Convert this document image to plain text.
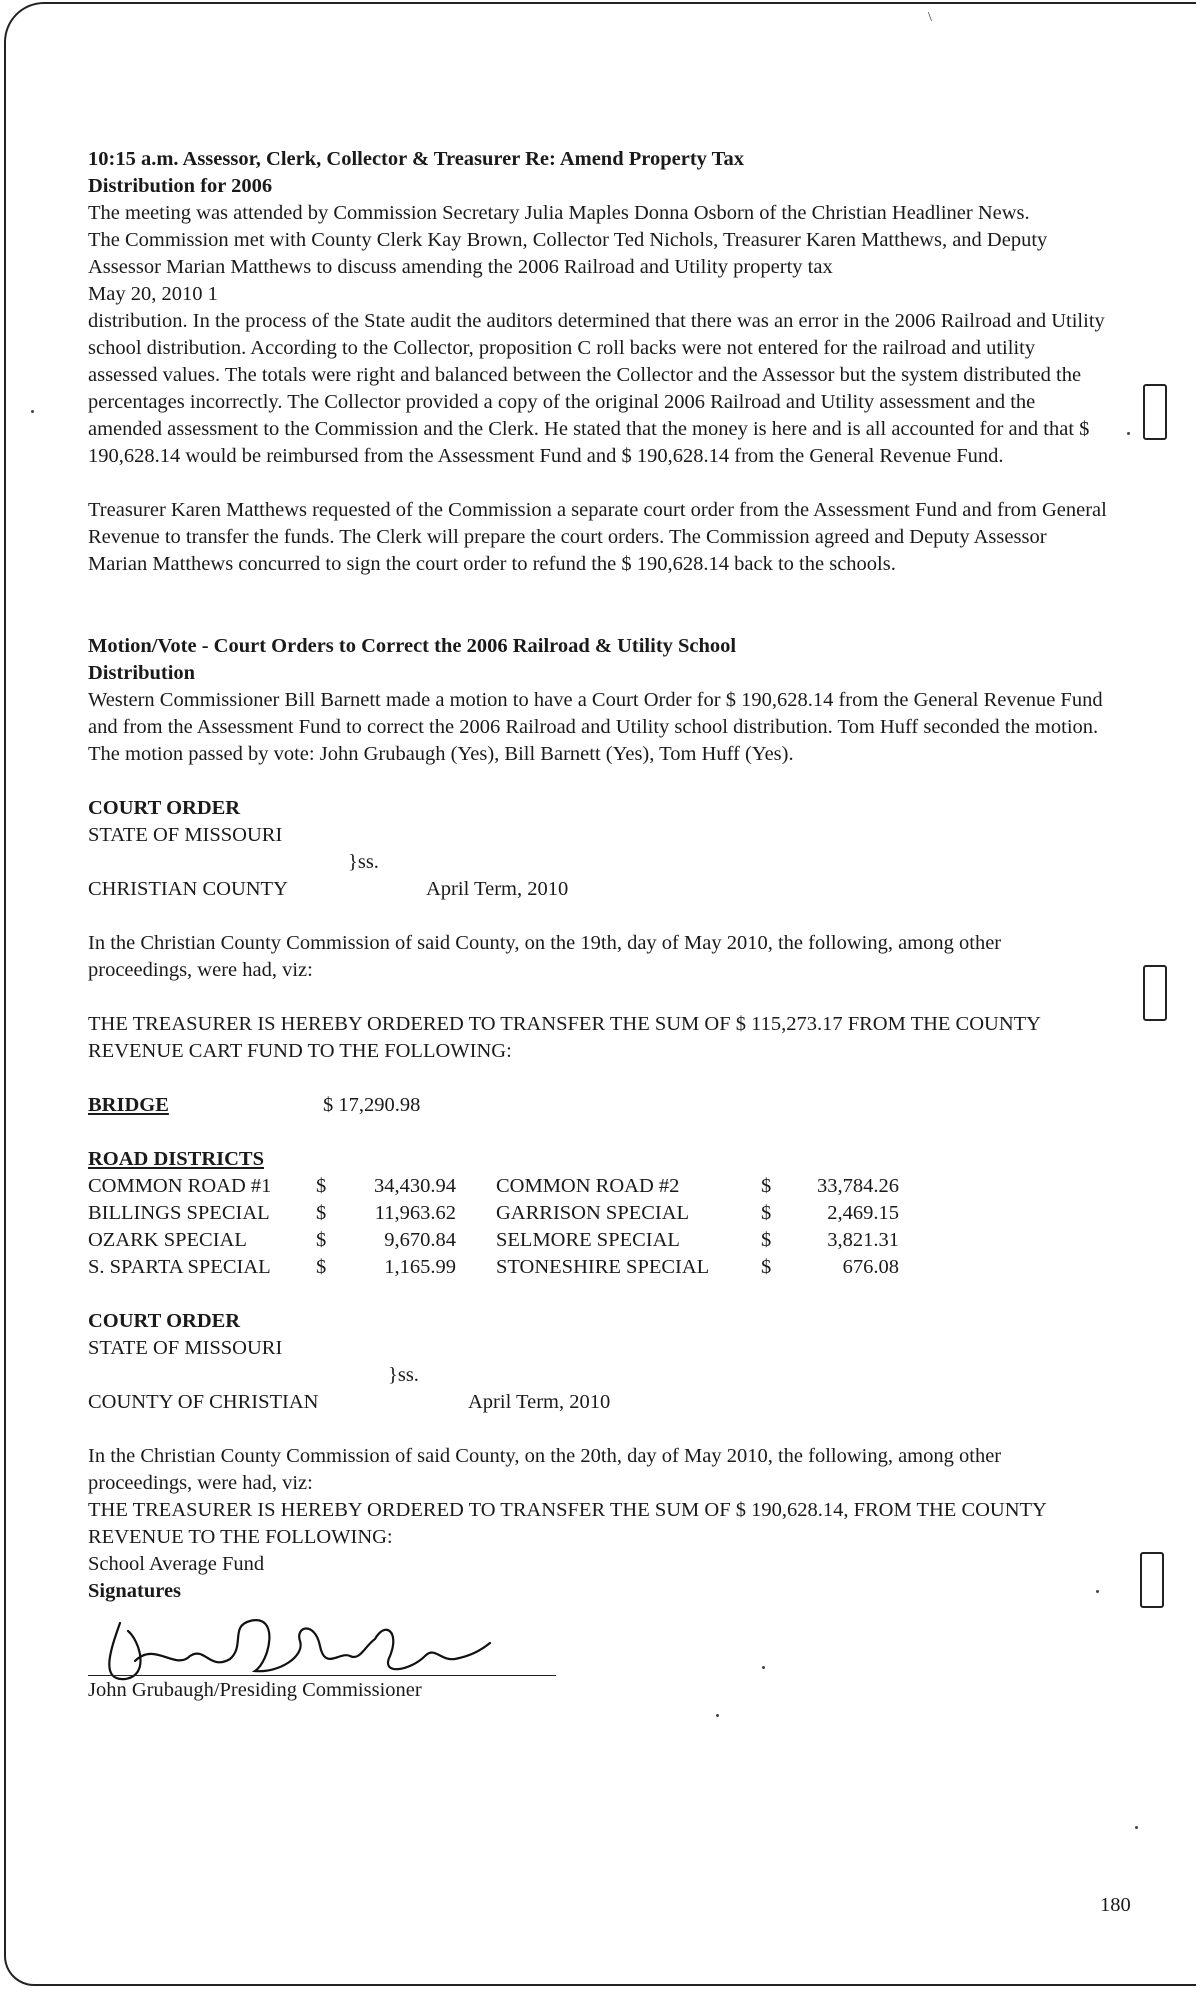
\
10:15 a.m. Assessor, Clerk, Collector & Treasurer Re: Amend Property Tax
Distribution for 2006

The meeting was attended by Commission Secretary Julia Maples Donna Osborn of the Christian Headliner News.

The Commission met with County Clerk Kay Brown, Collector Ted Nichols, Treasurer Karen Matthews, and Deputy Assessor Marian Matthews to discuss amending the 2006 Railroad and Utility property tax

May 20, 2010 1

distribution. In the process of the State audit the auditors determined that there was an error in the 2006 Railroad and Utility school distribution. According to the Collector, proposition C roll backs were not entered for the railroad and utility assessed values. The totals were right and balanced between the Collector and the Assessor but the system distributed the percentages incorrectly. The Collector provided a copy of the original 2006 Railroad and Utility assessment and the amended assessment to the Commission and the Clerk. He stated that the money is here and is all accounted for and that $ 190,628.14 would be reimbursed from the Assessment Fund and $ 190,628.14 from the General Revenue Fund.

Treasurer Karen Matthews requested of the Commission a separate court order from the Assessment Fund and from General Revenue to transfer the funds. The Clerk will prepare the court orders. The Commission agreed and Deputy Assessor Marian Matthews concurred to sign the court order to refund the $ 190,628.14 back to the schools.

Motion/Vote - Court Orders to Correct the 2006 Railroad & Utility School
Distribution

Western Commissioner Bill Barnett made a motion to have a Court Order for $ 190,628.14 from the General Revenue Fund and from the Assessment Fund to correct the 2006 Railroad and Utility school distribution. Tom Huff seconded the motion. The motion passed by vote: John Grubaugh (Yes), Bill Barnett (Yes), Tom Huff (Yes).

COURT ORDER
STATE OF MISSOURI
}ss.
CHRISTIAN COUNTY	April Term, 2010

In the Christian County Commission of said County, on the 19th, day of May 2010, the following, among other proceedings, were had, viz:

THE TREASURER IS HEREBY ORDERED TO TRANSFER THE SUM OF $ 115,273.17 FROM THE COUNTY REVENUE CART FUND TO THE FOLLOWING:

BRIDGE	$ 17,290.98
ROAD DISTRICTS
COMMON ROAD #1	$	34,430.94		COMMON ROAD #2	$	33,784.26
BILLINGS SPECIAL	$	11,963.62		GARRISON SPECIAL	$	2,469.15
OZARK SPECIAL	$	9,670.84		SELMORE SPECIAL	$	3,821.31
S. SPARTA SPECIAL	$	1,165.99		STONESHIRE SPECIAL	$	676.08
COURT ORDER
STATE OF MISSOURI
}ss.
COUNTY OF CHRISTIAN	April Term, 2010

In the Christian County Commission of said County, on the 20th, day of May 2010, the following, among other proceedings, were had, viz:

THE TREASURER IS HEREBY ORDERED TO TRANSFER THE SUM OF $ 190,628.14, FROM THE COUNTY REVENUE TO THE FOLLOWING:

School Average Fund
Signatures
John Grubaugh/Presiding Commissioner
180
